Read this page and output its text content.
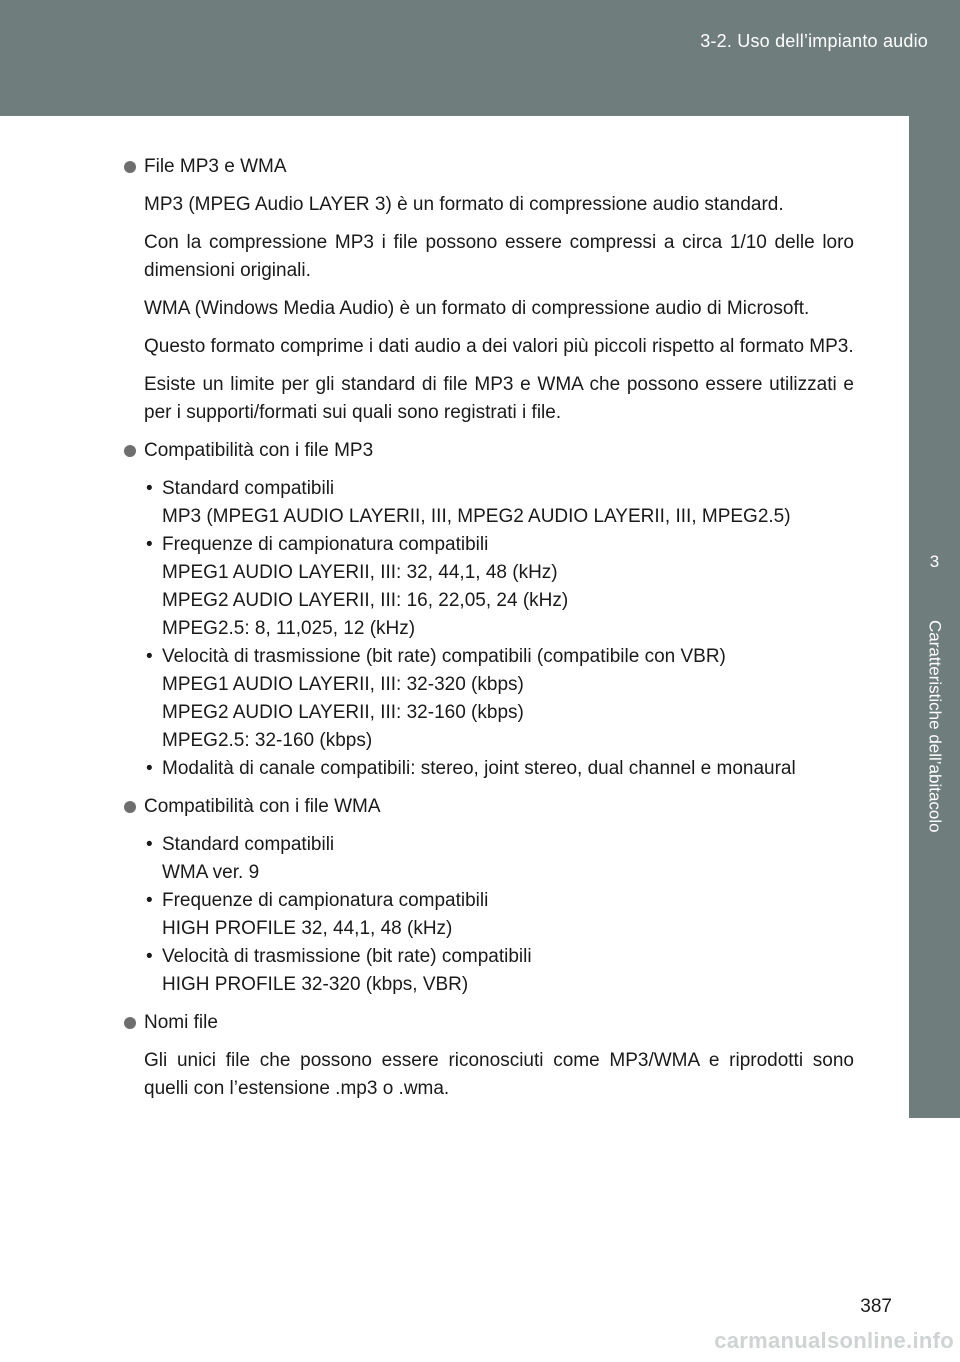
3-2. Uso dell’impianto audio
3
Caratteristiche dell’abitacolo
File MP3 e WMA

MP3 (MPEG Audio LAYER 3) è un formato di compressione audio standard.

Con la compressione MP3 i file possono essere compressi a circa 1/10 delle loro dimensioni originali.

WMA (Windows Media Audio) è un formato di compressione audio di Microsoft.

Questo formato comprime i dati audio a dei valori più piccoli rispetto al formato MP3.

Esiste un limite per gli standard di file MP3 e WMA che possono essere utilizzati e per i supporti/formati sui quali sono registrati i file.

Compatibilità con i file MP3
• Standard compatibili
MP3 (MPEG1 AUDIO LAYERII, III, MPEG2 AUDIO LAYERII, III, MPEG2.5)
• Frequenze di campionatura compatibili
MPEG1 AUDIO LAYERII, III: 32, 44,1, 48 (kHz)
MPEG2 AUDIO LAYERII, III: 16, 22,05, 24 (kHz)
MPEG2.5: 8, 11,025, 12 (kHz)
• Velocità di trasmissione (bit rate) compatibili (compatibile con VBR)
MPEG1 AUDIO LAYERII, III: 32-320 (kbps)
MPEG2 AUDIO LAYERII, III: 32-160 (kbps)
MPEG2.5: 32-160 (kbps)
• Modalità di canale compatibili: stereo, joint stereo, dual channel e monaural
Compatibilità con i file WMA
• Standard compatibili
WMA ver. 9
• Frequenze di campionatura compatibili
HIGH PROFILE 32, 44,1, 48 (kHz)
• Velocità di trasmissione (bit rate) compatibili
HIGH PROFILE 32-320 (kbps, VBR)
Nomi file

Gli unici file che possono essere riconosciuti come MP3/WMA e riprodotti sono quelli con l’estensione .mp3 o .wma.

387
carmanualsonline.info
